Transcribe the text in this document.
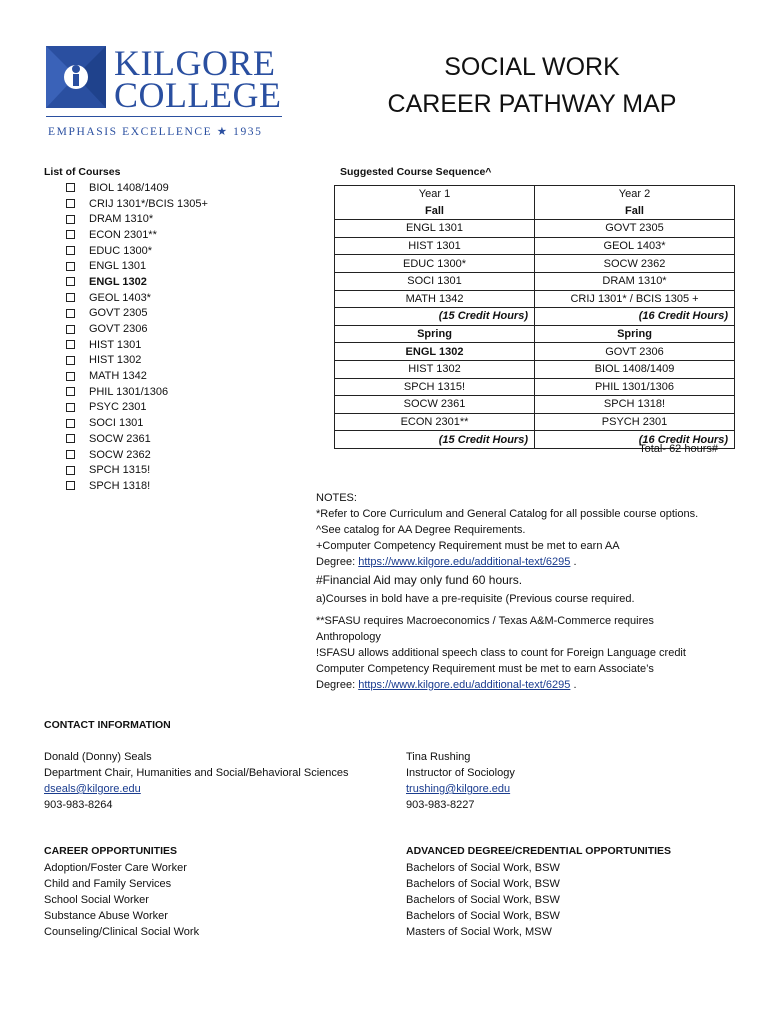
KILGORE
COLLEGE
EMPHASIS EXCELLENCE ★ 1935
SOCIAL WORK
CAREER PATHWAY MAP
List of Courses
BIOL 1408/1409
CRIJ 1301*/BCIS 1305+
DRAM 1310*
ECON 2301**
EDUC 1300*
ENGL 1301
ENGL 1302
GEOL 1403*
GOVT 2305
GOVT 2306
HIST 1301
HIST 1302
MATH 1342
PHIL 1301/1306
PSYC 2301
SOCI 1301
SOCW 2361
SOCW 2362
SPCH 1315!
SPCH 1318!
Suggested Course Sequence^
Year 1	Year 2
Fall	Fall
ENGL 1301	GOVT 2305
HIST 1301	GEOL 1403*
EDUC 1300*	SOCW 2362
SOCI 1301	DRAM 1310*
MATH 1342	CRIJ 1301* / BCIS 1305 +
(15 Credit Hours)	(16 Credit Hours)
Spring	Spring
ENGL 1302	GOVT 2306
HIST 1302	BIOL 1408/1409
SPCH 1315!	PHIL 1301/1306
SOCW 2361	SPCH 1318!
ECON 2301**	PSYCH 2301
(15 Credit Hours)	(16 Credit Hours)
Total- 62 hours#
NOTES:
*Refer to Core Curriculum and General Catalog for all possible course options.
^See catalog for AA Degree Requirements.
+Computer Competency Requirement must be met to earn AA
Degree: https://www.kilgore.edu/additional-text/6295 .
#Financial Aid may only fund 60 hours.
a)Courses in bold have a pre-requisite (Previous course required.
**SFASU requires Macroeconomics / Texas A&M-Commerce requires
Anthropology
!SFASU allows additional speech class to count for Foreign Language credit
Computer Competency Requirement must be met to earn Associate’s
Degree: https://www.kilgore.edu/additional-text/6295 .
CONTACT INFORMATION
Donald (Donny) Seals
Department Chair, Humanities and Social/Behavioral Sciences
dseals@kilgore.edu
903-983-8264
Tina Rushing
Instructor of Sociology
trushing@kilgore.edu
903-983-8227
CAREER OPPORTUNITIES
Adoption/Foster Care Worker
Child and Family Services
School Social Worker
Substance Abuse Worker
Counseling/Clinical Social Work
ADVANCED DEGREE/CREDENTIAL OPPORTUNITIES
Bachelors of Social Work, BSW
Bachelors of Social Work, BSW
Bachelors of Social Work, BSW
Bachelors of Social Work, BSW
Masters of Social Work, MSW
